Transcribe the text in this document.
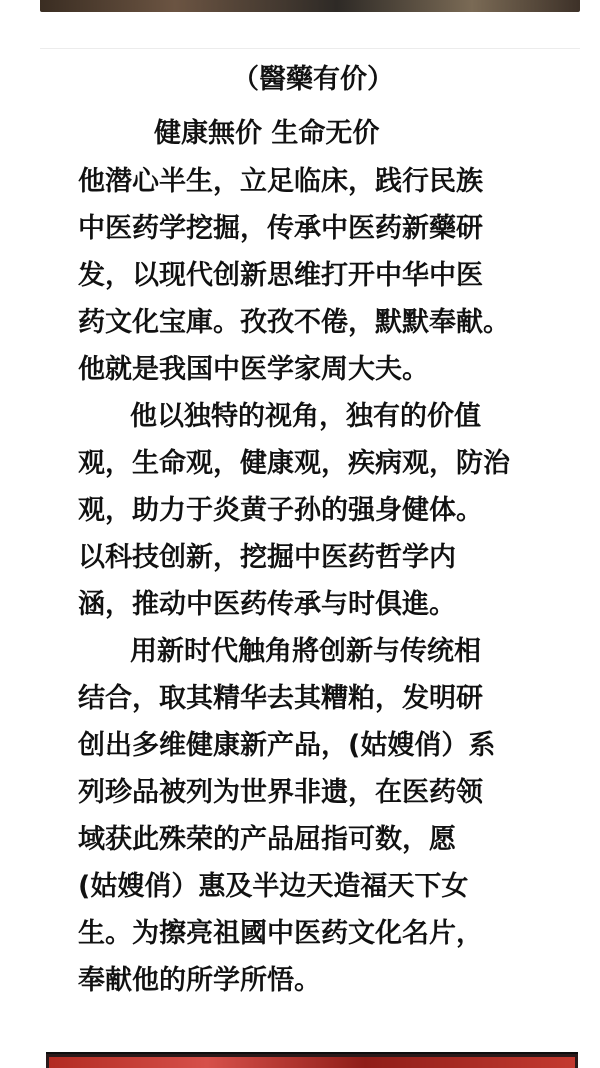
（醫藥有价）
健康無价 生命无价
他潜心半生，立足临床，践行民族
中医药学挖掘，传承中医药新藥研
发，以现代创新思维打开中华中医
药文化宝庫。孜孜不倦，默默奉献。
他就是我国中医学家周大夫。
他以独特的视角，独有的价值
观，生命观，健康观，疾病观，防治
观，助力于炎黄子孙的强身健体。
以科技创新，挖掘中医药哲学内
涵，推动中医药传承与时俱進。
用新时代触角將创新与传统相
结合，取其精华去其糟粕，发明研
创出多维健康新产品，(姑嫂俏）系
列珍品被列为世界非遗，在医药领
域获此殊荣的产品屈指可数，愿
(姑嫂俏）惠及半边天造福天下女
生。为擦亮祖國中医药文化名片，
奉献他的所学所悟。
